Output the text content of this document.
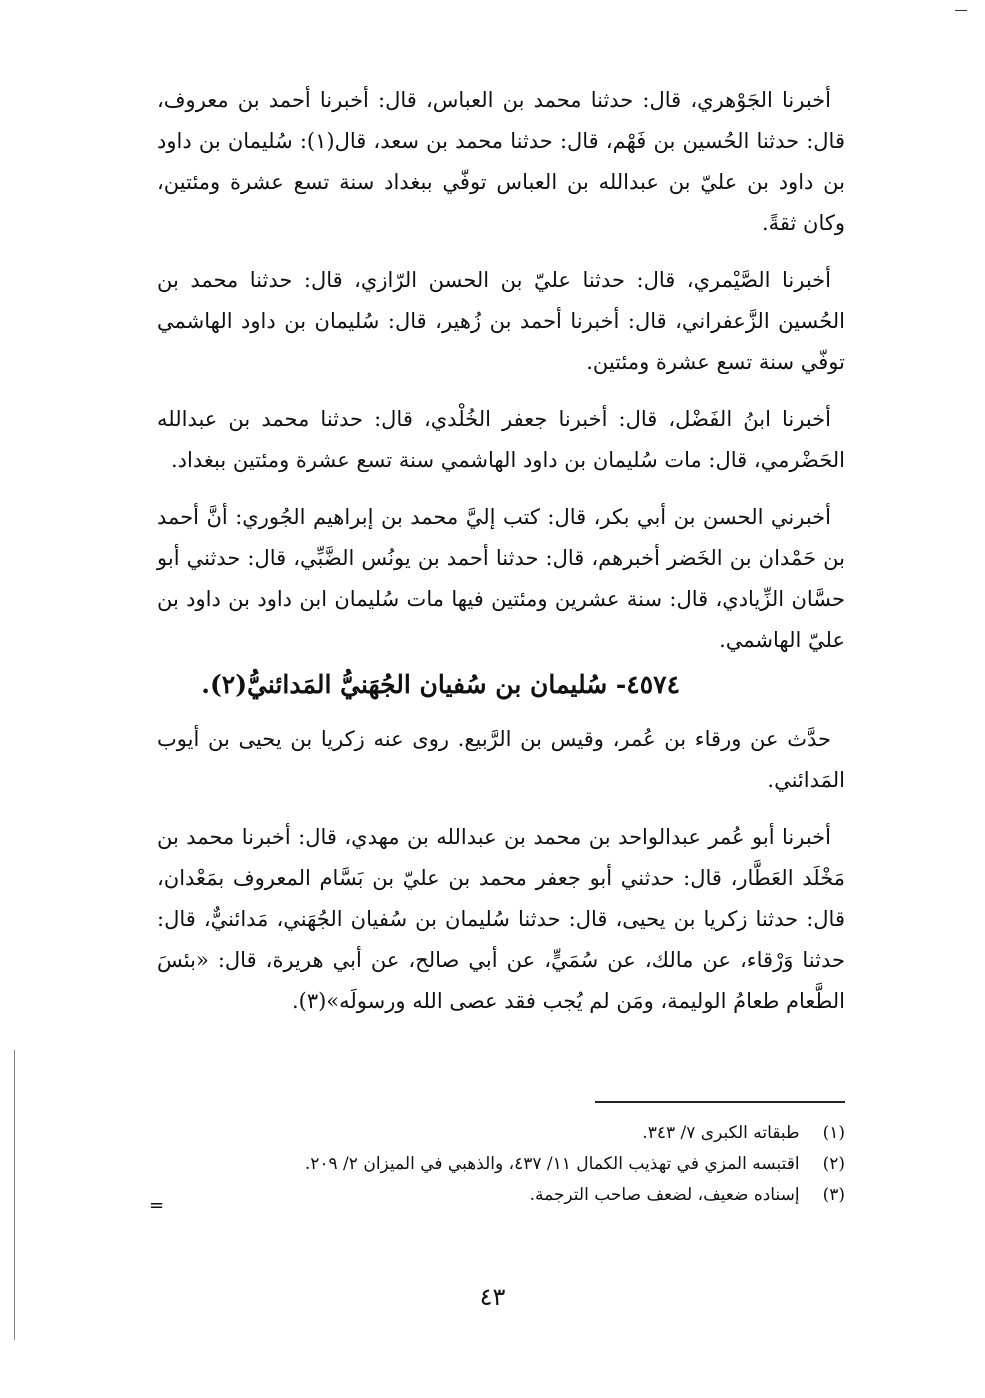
أخبرنا الجَوْهري، قال: حدثنا محمد بن العباس، قال: أخبرنا أحمد بن معروف، قال: حدثنا الحُسين بن فَهْم، قال: حدثنا محمد بن سعد، قال(١): سُليمان بن داود بن داود بن عليّ بن عبدالله بن العباس توفّي ببغداد سنة تسع عشرة ومئتين، وكان ثقةً.

أخبرنا الصَّيْمري، قال: حدثنا عليّ بن الحسن الرّازي، قال: حدثنا محمد بن الحُسين الزَّعفراني، قال: أخبرنا أحمد بن زُهير، قال: سُليمان بن داود الهاشمي توفّي سنة تسع عشرة ومئتين.

أخبرنا ابنُ الفَضْل، قال: أخبرنا جعفر الخُلْدي، قال: حدثنا محمد بن عبدالله الحَضْرمي، قال: مات سُليمان بن داود الهاشمي سنة تسع عشرة ومئتين ببغداد.

أخبرني الحسن بن أبي بكر، قال: كتب إليَّ محمد بن إبراهيم الجُوري: أنَّ أحمد بن حَمْدان بن الخَضر أخبرهم، قال: حدثنا أحمد بن يونُس الضَّبِّي، قال: حدثني أبو حسَّان الزِّيادي، قال: سنة عشرين ومئتين فيها مات سُليمان ابن داود بن داود بن عليّ الهاشمي.

٤٥٧٤- سُليمان بن سُفيان الجُهَنيُّ المَدائنيُّ(٢).

حدَّث عن ورقاء بن عُمر، وقيس بن الرَّبيع. روى عنه زكريا بن يحيى بن أيوب المَدائني.

أخبرنا أبو عُمر عبدالواحد بن محمد بن عبدالله بن مهدي، قال: أخبرنا محمد بن مَخْلَد العَطَّار، قال: حدثني أبو جعفر محمد بن عليّ بن بَسَّام المعروف بمَعْدان، قال: حدثنا زكريا بن يحيى، قال: حدثنا سُليمان بن سُفيان الجُهَني، مَدائنيٌّ، قال: حدثنا وَرْقاء، عن مالك، عن سُمَيٍّ، عن أبي صالح، عن أبي هريرة، قال: «بئسَ الطَّعام طعامُ الوليمة، ومَن لم يُجب فقد عصى الله ورسولَه»(٣).

(١) طبقاته الكبرى ٧/ ٣٤٣.
(٢) اقتبسه المزي في تهذيب الكمال ١١/ ٤٣٧، والذهبي في الميزان ٢/ ٢٠٩.
(٣) إسناده ضعيف، لضعف صاحب الترجمة.
=
٤٣
